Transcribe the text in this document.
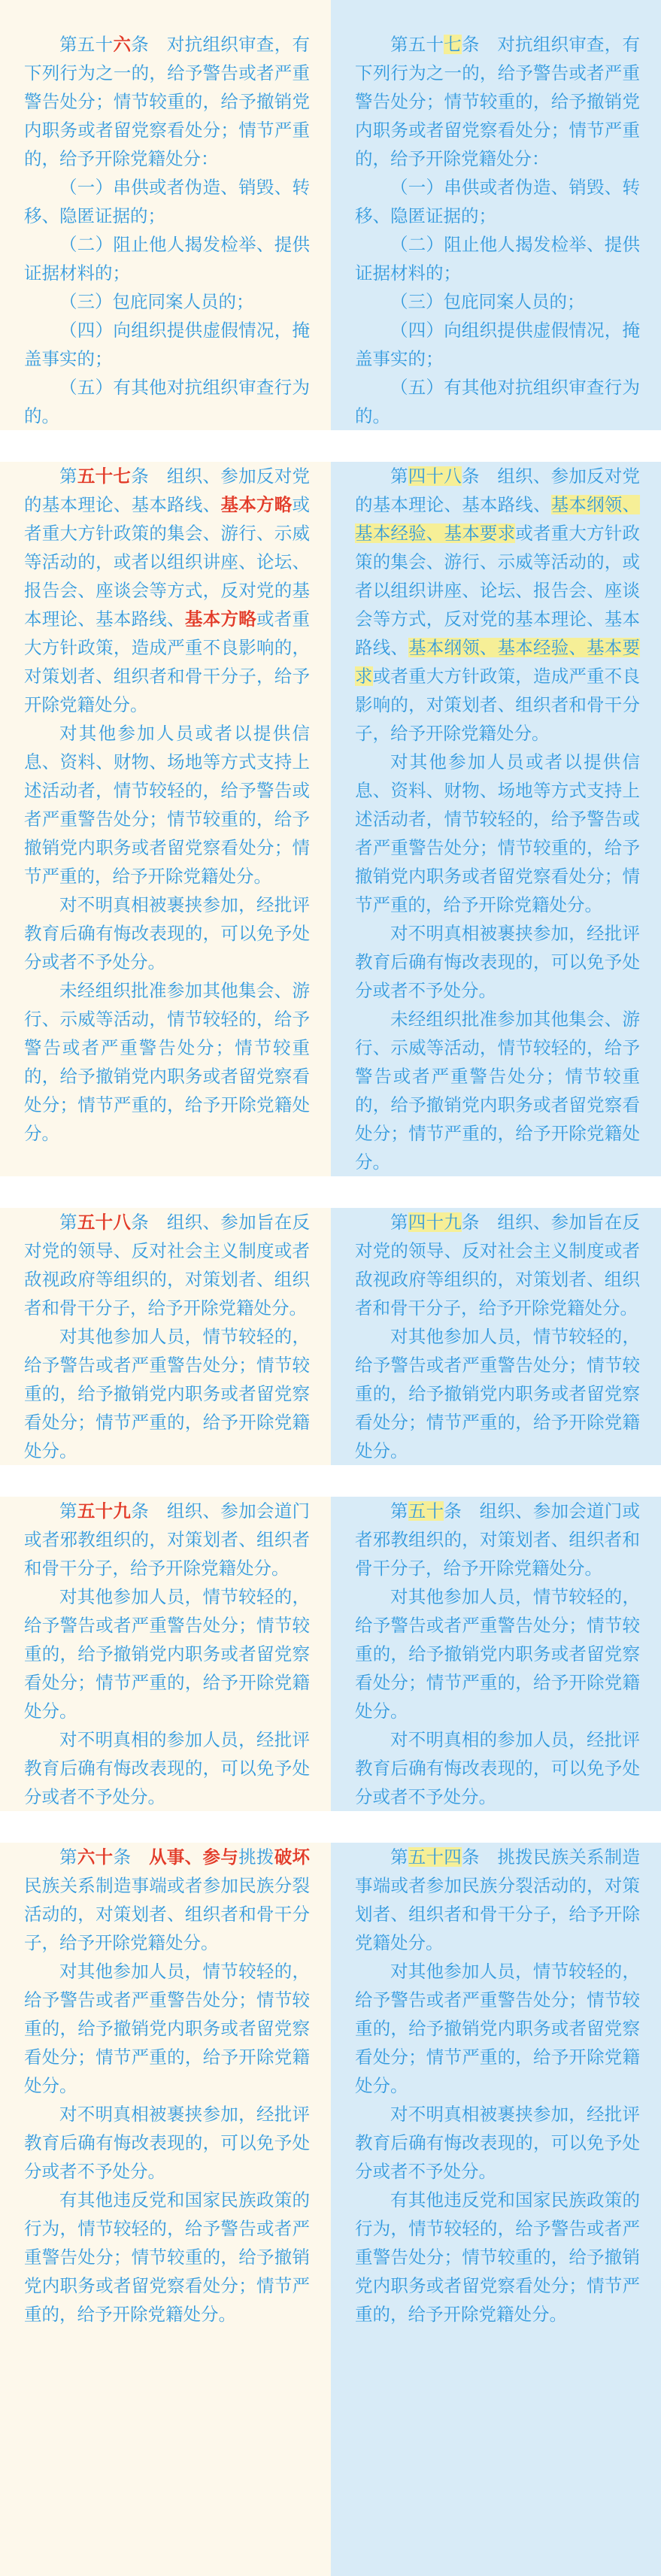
第五十六条　对抗组织审查，有下列行为之一的，给予警告或者严重警告处分；情节较重的，给予撤销党内职务或者留党察看处分；情节严重的，给予开除党籍处分：

（一）串供或者伪造、销毁、转移、隐匿证据的；

（二）阻止他人揭发检举、提供证据材料的；

（三）包庇同案人员的；

（四）向组织提供虚假情况，掩盖事实的；

（五）有其他对抗组织审查行为的。

第五十七条　对抗组织审查，有下列行为之一的，给予警告或者严重警告处分；情节较重的，给予撤销党内职务或者留党察看处分；情节严重的，给予开除党籍处分：

（一）串供或者伪造、销毁、转移、隐匿证据的；

（二）阻止他人揭发检举、提供证据材料的；

（三）包庇同案人员的；

（四）向组织提供虚假情况，掩盖事实的；

（五）有其他对抗组织审查行为的。

第五十七条　组织、参加反对党的基本理论、基本路线、基本方略或者重大方针政策的集会、游行、示威等活动的，或者以组织讲座、论坛、报告会、座谈会等方式，反对党的基本理论、基本路线、基本方略或者重大方针政策，造成严重不良影响的，对策划者、组织者和骨干分子，给予开除党籍处分。

对其他参加人员或者以提供信息、资料、财物、场地等方式支持上述活动者，情节较轻的，给予警告或者严重警告处分；情节较重的，给予撤销党内职务或者留党察看处分；情节严重的，给予开除党籍处分。

对不明真相被裹挟参加，经批评教育后确有悔改表现的，可以免予处分或者不予处分。

未经组织批准参加其他集会、游行、示威等活动，情节较轻的，给予警告或者严重警告处分；情节较重的，给予撤销党内职务或者留党察看处分；情节严重的，给予开除党籍处分。

第四十八条　组织、参加反对党的基本理论、基本路线、基本纲领、基本经验、基本要求或者重大方针政策的集会、游行、示威等活动的，或者以组织讲座、论坛、报告会、座谈会等方式，反对党的基本理论、基本路线、基本纲领、基本经验、基本要求或者重大方针政策，造成严重不良影响的，对策划者、组织者和骨干分子，给予开除党籍处分。

对其他参加人员或者以提供信息、资料、财物、场地等方式支持上述活动者，情节较轻的，给予警告或者严重警告处分；情节较重的，给予撤销党内职务或者留党察看处分；情节严重的，给予开除党籍处分。

对不明真相被裹挟参加，经批评教育后确有悔改表现的，可以免予处分或者不予处分。

未经组织批准参加其他集会、游行、示威等活动，情节较轻的，给予警告或者严重警告处分；情节较重的，给予撤销党内职务或者留党察看处分；情节严重的，给予开除党籍处分。

第五十八条　组织、参加旨在反对党的领导、反对社会主义制度或者敌视政府等组织的，对策划者、组织者和骨干分子，给予开除党籍处分。

对其他参加人员，情节较轻的，给予警告或者严重警告处分；情节较重的，给予撤销党内职务或者留党察看处分；情节严重的，给予开除党籍处分。

第四十九条　组织、参加旨在反对党的领导、反对社会主义制度或者敌视政府等组织的，对策划者、组织者和骨干分子，给予开除党籍处分。

对其他参加人员，情节较轻的，给予警告或者严重警告处分；情节较重的，给予撤销党内职务或者留党察看处分；情节严重的，给予开除党籍处分。

第五十九条　组织、参加会道门或者邪教组织的，对策划者、组织者和骨干分子，给予开除党籍处分。

对其他参加人员，情节较轻的，给予警告或者严重警告处分；情节较重的，给予撤销党内职务或者留党察看处分；情节严重的，给予开除党籍处分。

对不明真相的参加人员，经批评教育后确有悔改表现的，可以免予处分或者不予处分。

第五十条　组织、参加会道门或者邪教组织的，对策划者、组织者和骨干分子，给予开除党籍处分。

对其他参加人员，情节较轻的，给予警告或者严重警告处分；情节较重的，给予撤销党内职务或者留党察看处分；情节严重的，给予开除党籍处分。

对不明真相的参加人员，经批评教育后确有悔改表现的，可以免予处分或者不予处分。

第六十条　从事、参与挑拨破坏民族关系制造事端或者参加民族分裂活动的，对策划者、组织者和骨干分子，给予开除党籍处分。

对其他参加人员，情节较轻的，给予警告或者严重警告处分；情节较重的，给予撤销党内职务或者留党察看处分；情节严重的，给予开除党籍处分。

对不明真相被裹挟参加，经批评教育后确有悔改表现的，可以免予处分或者不予处分。

有其他违反党和国家民族政策的行为，情节较轻的，给予警告或者严重警告处分；情节较重的，给予撤销党内职务或者留党察看处分；情节严重的，给予开除党籍处分。

第五十四条　挑拨民族关系制造事端或者参加民族分裂活动的，对策划者、组织者和骨干分子，给予开除党籍处分。

对其他参加人员，情节较轻的，给予警告或者严重警告处分；情节较重的，给予撤销党内职务或者留党察看处分；情节严重的，给予开除党籍处分。

对不明真相被裹挟参加，经批评教育后确有悔改表现的，可以免予处分或者不予处分。

有其他违反党和国家民族政策的行为，情节较轻的，给予警告或者严重警告处分；情节较重的，给予撤销党内职务或者留党察看处分；情节严重的，给予开除党籍处分。
